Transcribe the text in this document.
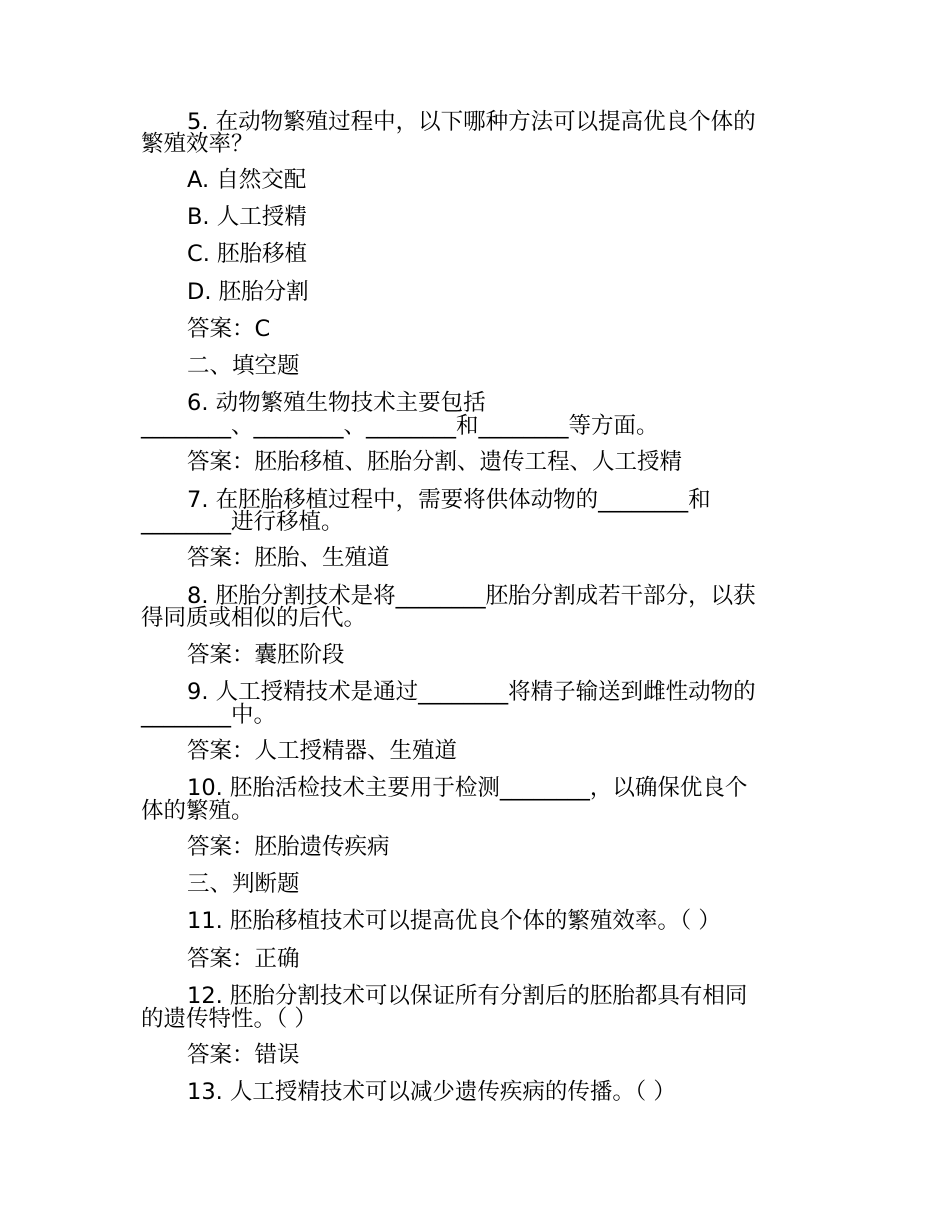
5. 在动物繁殖过程中，以下哪种方法可以提高优良个体的
繁殖效率？
A. 自然交配
B. 人工授精
C. 胚胎移植
D. 胚胎分割
答案：C
二、填空题
6. 动物繁殖生物技术主要包括
________、________、________和________等方面。
答案：胚胎移植、胚胎分割、遗传工程、人工授精
7. 在胚胎移植过程中，需要将供体动物的________和
________进行移植。
答案：胚胎、生殖道
8. 胚胎分割技术是将________胚胎分割成若干部分，以获
得同质或相似的后代。
答案：囊胚阶段
9. 人工授精技术是通过________将精子输送到雌性动物的
________中。
答案：人工授精器、生殖道
10. 胚胎活检技术主要用于检测________，以确保优良个
体的繁殖。
答案：胚胎遗传疾病
三、判断题
11. 胚胎移植技术可以提高优良个体的繁殖效率。（ ）
答案：正确
12. 胚胎分割技术可以保证所有分割后的胚胎都具有相同
的遗传特性。（ ）
答案：错误
13. 人工授精技术可以减少遗传疾病的传播。（ ）
